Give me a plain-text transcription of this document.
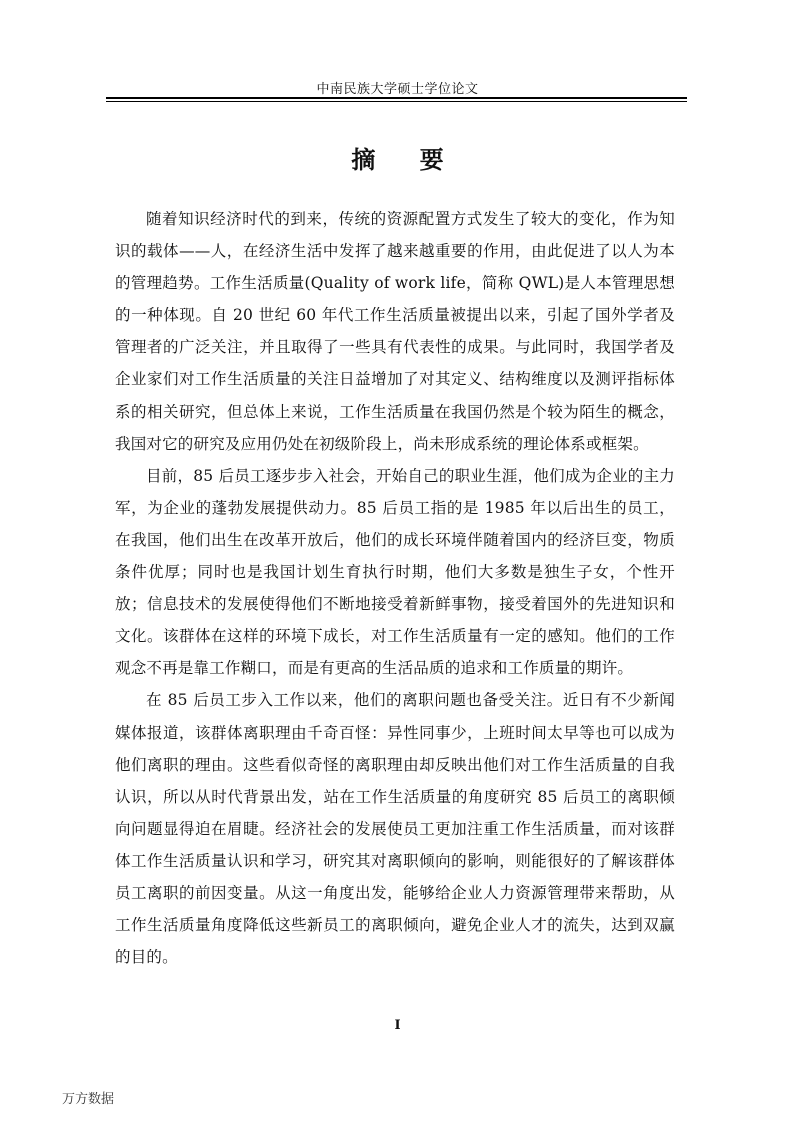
中南民族大学硕士学位论文
摘 要

随着知识经济时代的到来，传统的资源配置方式发生了较大的变化，作为知识的载体——人，在经济生活中发挥了越来越重要的作用，由此促进了以人为本的管理趋势。工作生活质量(Quality of work life，简称 QWL)是人本管理思想的一种体现。自 20 世纪 60 年代工作生活质量被提出以来，引起了国外学者及管理者的广泛关注，并且取得了一些具有代表性的成果。与此同时，我国学者及企业家们对工作生活质量的关注日益增加了对其定义、结构维度以及测评指标体系的相关研究，但总体上来说，工作生活质量在我国仍然是个较为陌生的概念，我国对它的研究及应用仍处在初级阶段上，尚未形成系统的理论体系或框架。

目前，85 后员工逐步步入社会，开始自己的职业生涯，他们成为企业的主力军，为企业的蓬勃发展提供动力。85 后员工指的是 1985 年以后出生的员工，在我国，他们出生在改革开放后，他们的成长环境伴随着国内的经济巨变，物质条件优厚；同时也是我国计划生育执行时期，他们大多数是独生子女，个性开放；信息技术的发展使得他们不断地接受着新鲜事物，接受着国外的先进知识和文化。该群体在这样的环境下成长，对工作生活质量有一定的感知。他们的工作观念不再是靠工作糊口，而是有更高的生活品质的追求和工作质量的期许。

在 85 后员工步入工作以来，他们的离职问题也备受关注。近日有不少新闻媒体报道，该群体离职理由千奇百怪：异性同事少，上班时间太早等也可以成为他们离职的理由。这些看似奇怪的离职理由却反映出他们对工作生活质量的自我认识，所以从时代背景出发，站在工作生活质量的角度研究 85 后员工的离职倾向问题显得迫在眉睫。经济社会的发展使员工更加注重工作生活质量，而对该群体工作生活质量认识和学习，研究其对离职倾向的影响，则能很好的了解该群体员工离职的前因变量。从这一角度出发，能够给企业人力资源管理带来帮助，从工作生活质量角度降低这些新员工的离职倾向，避免企业人才的流失，达到双赢的目的。

I
万方数据
